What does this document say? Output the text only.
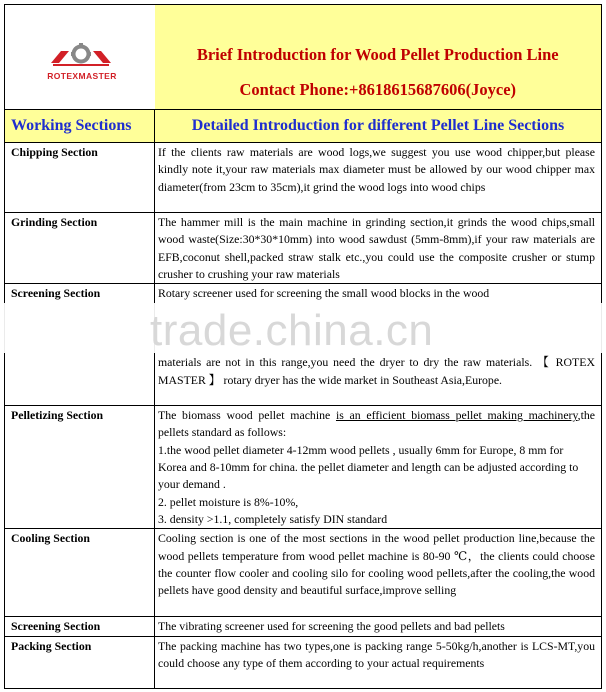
ROTEXMASTER	Brief Introduction for Wood Pellet Production Line
Contact Phone:+8618615687606(Joyce)

Working Sections	Detailed Introduction for different Pellet Line Sections
Chipping Section	If the clients raw materials are wood logs,we suggest you use wood chipper,but please kindly note it,your raw materials max diameter must be allowed by our wood chipper max diameter(from 23cm to 35cm),it grind the wood logs into wood chips

Grinding Section	The hammer mill is the main machine in grinding section,it grinds the wood chips,small wood waste(Size:30*30*10mm) into wood sawdust (5mm-8mm),if your raw materials are EFB,coconut shell,packed straw stalk etc.,you could use the composite crusher or stump crusher to crushing your raw materials

Screening Section	Rotary screener used for screening the small wood blocks in the wood

materials are not in this range,you need the dryer to dry the raw materials. 【 ROTEX MASTER 】 rotary dryer has the wide market in Southeast Asia,Europe.

Pelletizing Section	The biomass wood pellet machine is an efficient biomass pellet making machinery,the pellets standard as follows:

1.the wood pellet diameter 4-12mm wood pellets , usually 6mm for Europe, 8 mm for Korea and 8-10mm for china. the pellet diameter and length can be adjusted according to your demand .

2. pellet moisture is 8%-10%,

3. density >1.1, completely satisfy DIN standard

Cooling Section	Cooling section is one of the most sections in the wood pellet production line,because the wood pellets temperature from wood pellet machine is 80-90 ℃，the clients could choose the counter flow cooler and cooling silo for cooling wood pellets,after the cooling,the wood pellets have good density and beautiful surface,improve selling

Screening Section	The vibrating screener used for screening the good pellets and bad pellets

Packing Section	The packing machine has two types,one is packing range 5-50kg/h,another is LCS-MT,you could choose any type of them according to your actual requirements

trade.china.cn
